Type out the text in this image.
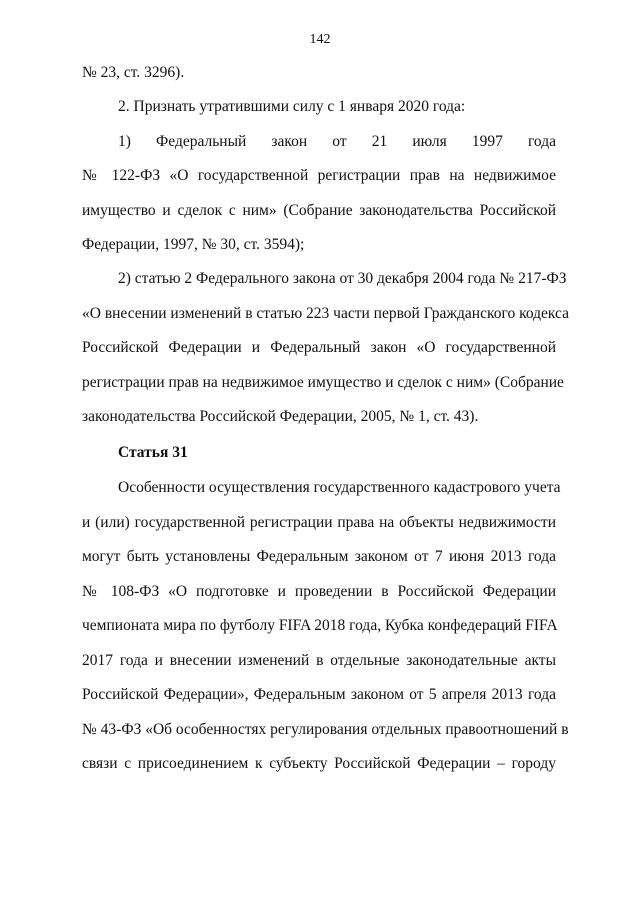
142
№ 23, ст. 3296).
2. Признать утратившими силу с 1 января 2020 года:
1) Федеральный закон от 21 июля 1997 года
№ 122-ФЗ «О государственной регистрации прав на недвижимое
имущество и сделок с ним» (Собрание законодательства Российской
Федерации, 1997, № 30, ст. 3594);
2) статью 2 Федерального закона от 30 декабря 2004 года № 217-ФЗ
«О внесении изменений в статью 223 части первой Гражданского кодекса
Российской Федерации и Федеральный закон «О государственной
регистрации прав на недвижимое имущество и сделок с ним» (Собрание
законодательства Российской Федерации, 2005, № 1, ст. 43).
Статья 31
Особенности осуществления государственного кадастрового учета
и (или) государственной регистрации права на объекты недвижимости
могут быть установлены Федеральным законом от 7 июня 2013 года
№ 108-ФЗ «О подготовке и проведении в Российской Федерации
чемпионата мира по футболу FIFA 2018 года, Кубка конфедераций FIFA
2017 года и внесении изменений в отдельные законодательные акты
Российской Федерации», Федеральным законом от 5 апреля 2013 года
№ 43-ФЗ «Об особенностях регулирования отдельных правоотношений в
связи с присоединением к субъекту Российской Федерации – городу
